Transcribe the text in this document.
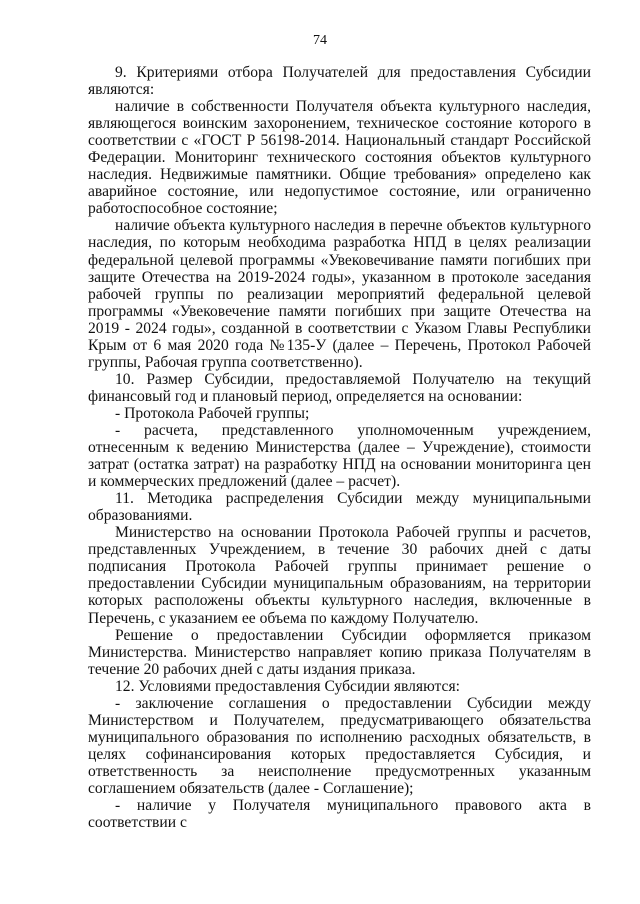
74

9. Критериями отбора Получателей для предоставления Субсидии являются:

наличие в собственности Получателя объекта культурного наследия, являющегося воинским захоронением, техническое состояние которого в соответствии с «ГОСТ Р 56198-2014. Национальный стандарт Российской Федерации. Мониторинг технического состояния объектов культурного наследия. Недвижимые памятники. Общие требования» определено как аварийное состояние, или недопустимое состояние, или ограниченно работоспособное состояние;

наличие объекта культурного наследия в перечне объектов культурного наследия, по которым необходима разработка НПД в целях реализации федеральной целевой программы «Увековечивание памяти погибших при защите Отечества на 2019-2024 годы», указанном в протоколе заседания рабочей группы по реализации мероприятий федеральной целевой программы «Увековечение памяти погибших при защите Отечества на 2019 - 2024 годы», созданной в соответствии с Указом Главы Республики Крым от 6 мая 2020 года №135-У (далее – Перечень, Протокол Рабочей группы, Рабочая группа соответственно).

10. Размер Субсидии, предоставляемой Получателю на текущий финансовый год и плановый период, определяется на основании:

- Протокола Рабочей группы;

- расчета, представленного уполномоченным учреждением, отнесенным к ведению Министерства (далее – Учреждение), стоимости затрат (остатка затрат) на разработку НПД на основании мониторинга цен и коммерческих предложений (далее – расчет).

11. Методика распределения Субсидии между муниципальными образованиями.

Министерство на основании Протокола Рабочей группы и расчетов, представленных Учреждением, в течение 30 рабочих дней с даты подписания Протокола Рабочей группы принимает решение о предоставлении Субсидии муниципальным образованиям, на территории которых расположены объекты культурного наследия, включенные в Перечень, с указанием ее объема по каждому Получателю.

Решение о предоставлении Субсидии оформляется приказом Министерства. Министерство направляет копию приказа Получателям в течение 20 рабочих дней с даты издания приказа.

12. Условиями предоставления Субсидии являются:

- заключение соглашения о предоставлении Субсидии между Министерством и Получателем, предусматривающего обязательства муниципального образования по исполнению расходных обязательств, в целях софинансирования которых предоставляется Субсидия, и ответственность за неисполнение предусмотренных указанным соглашением обязательств (далее - Соглашение);

- наличие у Получателя муниципального правового акта в соответствии с
